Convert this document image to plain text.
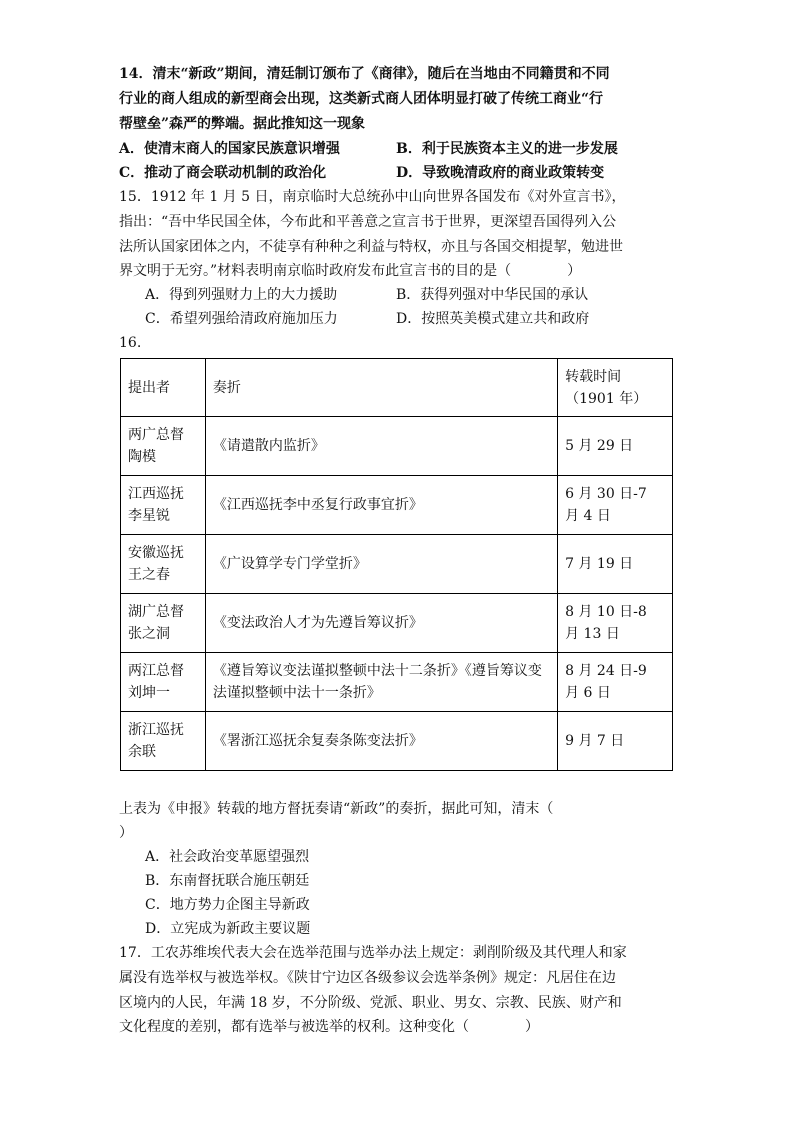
14．清末“新政”期间，清廷制订颁布了《商律》，随后在当地由不同籍贯和不同
行业的商人组成的新型商会出现，这类新式商人团体明显打破了传统工商业“行
帮壁垒”森严的弊端。据此推知这一现象
A．使清末商人的国家民族意识增强	B．利于民族资本主义的进一步发展
C．推动了商会联动机制的政治化	D．导致晚清政府的商业政策转变
15．1912 年 1 月 5 日，南京临时大总统孙中山向世界各国发布《对外宣言书》，
指出：“吾中华民国全体，今布此和平善意之宣言书于世界，更深望吾国得列入公
法所认国家团体之内，不徒享有种种之利益与特权，亦且与各国交相提挈，勉进世
界文明于无穷。”材料表明南京临时政府发布此宣言书的目的是（　　　　）
A．得到列强财力上的大力援助	B．获得列强对中华民国的承认
C．希望列强给清政府施加压力	D．按照英美模式建立共和政府
16.
提出者	奏折	转载时间（1901 年）
两广总督陶模	《请遣散内监折》	5 月 29 日
江西巡抚李星锐	《江西巡抚李中丞复行政事宜折》	6 月 30 日-7 月 4 日
安徽巡抚王之春	《广设算学专门学堂折》	7 月 19 日
湖广总督张之洞	《变法政治人才为先遵旨筹议折》	8 月 10 日-8 月 13 日
两江总督刘坤一	《遵旨筹议变法谨拟整顿中法十二条折》《遵旨筹议变法谨拟整顿中法十一条折》	8 月 24 日-9 月 6 日
浙江巡抚余联	《署浙江巡抚余复奏条陈变法折》	9 月 7 日
上表为《申报》转载的地方督抚奏请“新政”的奏折，据此可知，清末（
）
A．社会政治变革愿望强烈
B．东南督抚联合施压朝廷
C．地方势力企图主导新政
D．立宪成为新政主要议题
17．工农苏维埃代表大会在选举范围与选举办法上规定：剥削阶级及其代理人和家
属没有选举权与被选举权。《陕甘宁边区各级参议会选举条例》规定：凡居住在边
区境内的人民，年满 18 岁，不分阶级、党派、职业、男女、宗教、民族、财产和
文化程度的差别，都有选举与被选举的权利。这种变化（　　　　）
